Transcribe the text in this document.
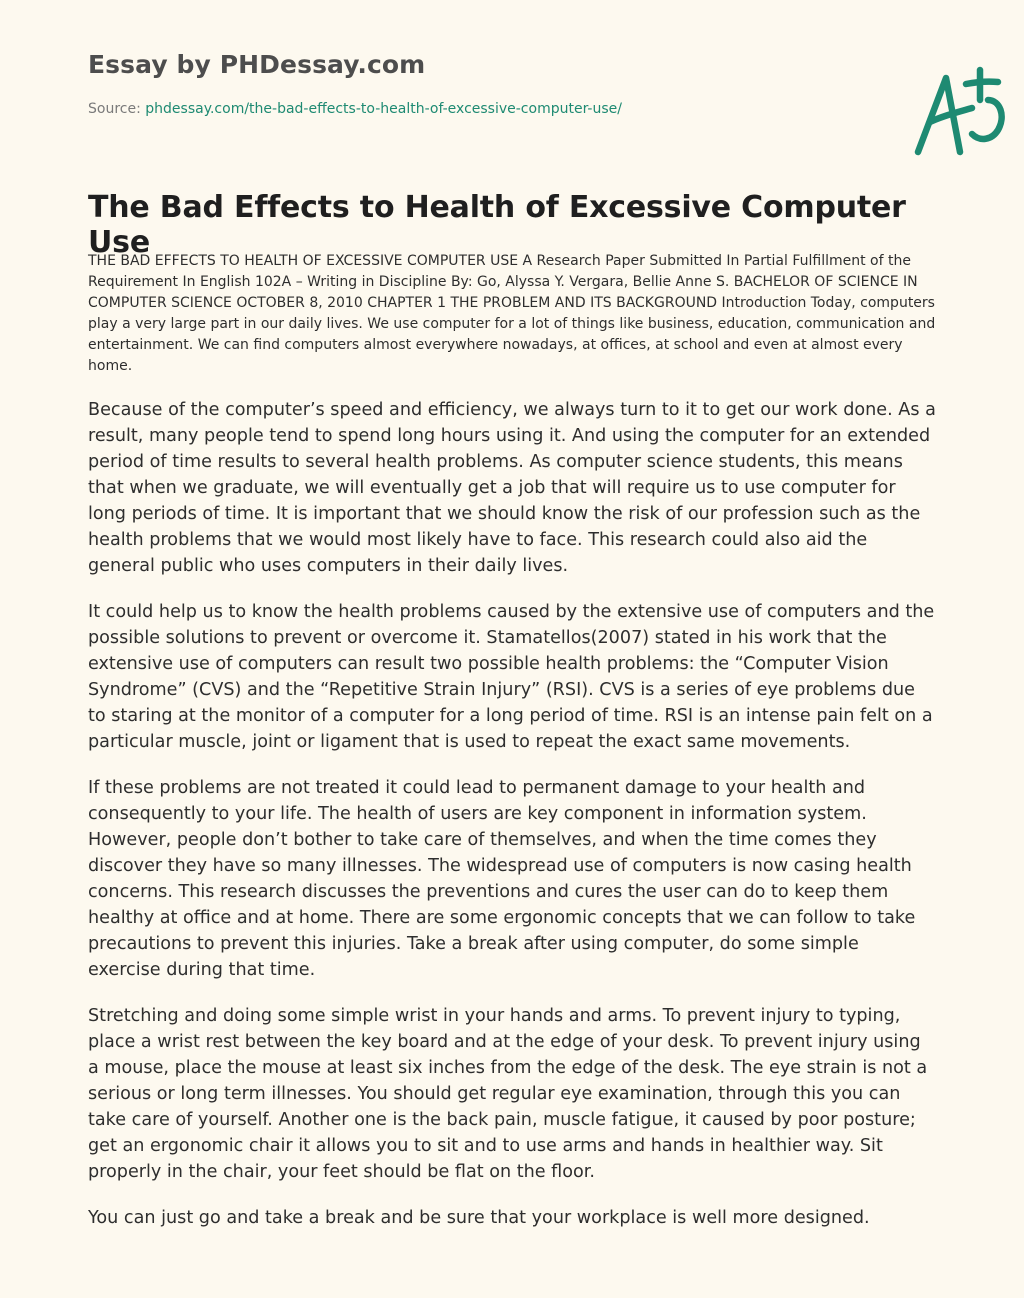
Essay by PHDessay.com
Source: phdessay.com/the-bad-effects-to-health-of-excessive-computer-use/
The Bad Effects to Health of Excessive Computer Use

THE BAD EFFECTS TO HEALTH OF EXCESSIVE COMPUTER USE A Research Paper Submitted In Partial Fulfillment of the Requirement In English 102A – Writing in Discipline By: Go, Alyssa Y. Vergara, Bellie Anne S. BACHELOR OF SCIENCE IN COMPUTER SCIENCE OCTOBER 8, 2010 CHAPTER 1 THE PROBLEM AND ITS BACKGROUND Introduction Today, computers play a very large part in our daily lives. We use computer for a lot of things like business, education, communication and entertainment. We can find computers almost everywhere nowadays, at offices, at school and even at almost every home.

Because of the computer’s speed and efficiency, we always turn to it to get our work done. As a result, many people tend to spend long hours using it. And using the computer for an extended period of time results to several health problems. As computer science students, this means that when we graduate, we will eventually get a job that will require us to use computer for long periods of time. It is important that we should know the risk of our profession such as the health problems that we would most likely have to face. This research could also aid the general public who uses computers in their daily lives.

It could help us to know the health problems caused by the extensive use of computers and the possible solutions to prevent or overcome it. Stamatellos(2007) stated in his work that the extensive use of computers can result two possible health problems: the “Computer Vision Syndrome” (CVS) and the “Repetitive Strain Injury” (RSI). CVS is a series of eye problems due to staring at the monitor of a computer for a long period of time. RSI is an intense pain felt on a particular muscle, joint or ligament that is used to repeat the exact same movements.

If these problems are not treated it could lead to permanent damage to your health and consequently to your life. The health of users are key component in information system. However, people don’t bother to take care of themselves, and when the time comes they discover they have so many illnesses. The widespread use of computers is now casing health concerns. This research discusses the preventions and cures the user can do to keep them healthy at office and at home. There are some ergonomic concepts that we can follow to take precautions to prevent this injuries. Take a break after using computer, do some simple exercise during that time.

Stretching and doing some simple wrist in your hands and arms. To prevent injury to typing, place a wrist rest between the key board and at the edge of your desk. To prevent injury using a mouse, place the mouse at least six inches from the edge of the desk. The eye strain is not a serious or long term illnesses. You should get regular eye examination, through this you can take care of yourself. Another one is the back pain, muscle fatigue, it caused by poor posture; get an ergonomic chair it allows you to sit and to use arms and hands in healthier way. Sit properly in the chair, your feet should be flat on the floor.

You can just go and take a break and be sure that your workplace is well more designed.
